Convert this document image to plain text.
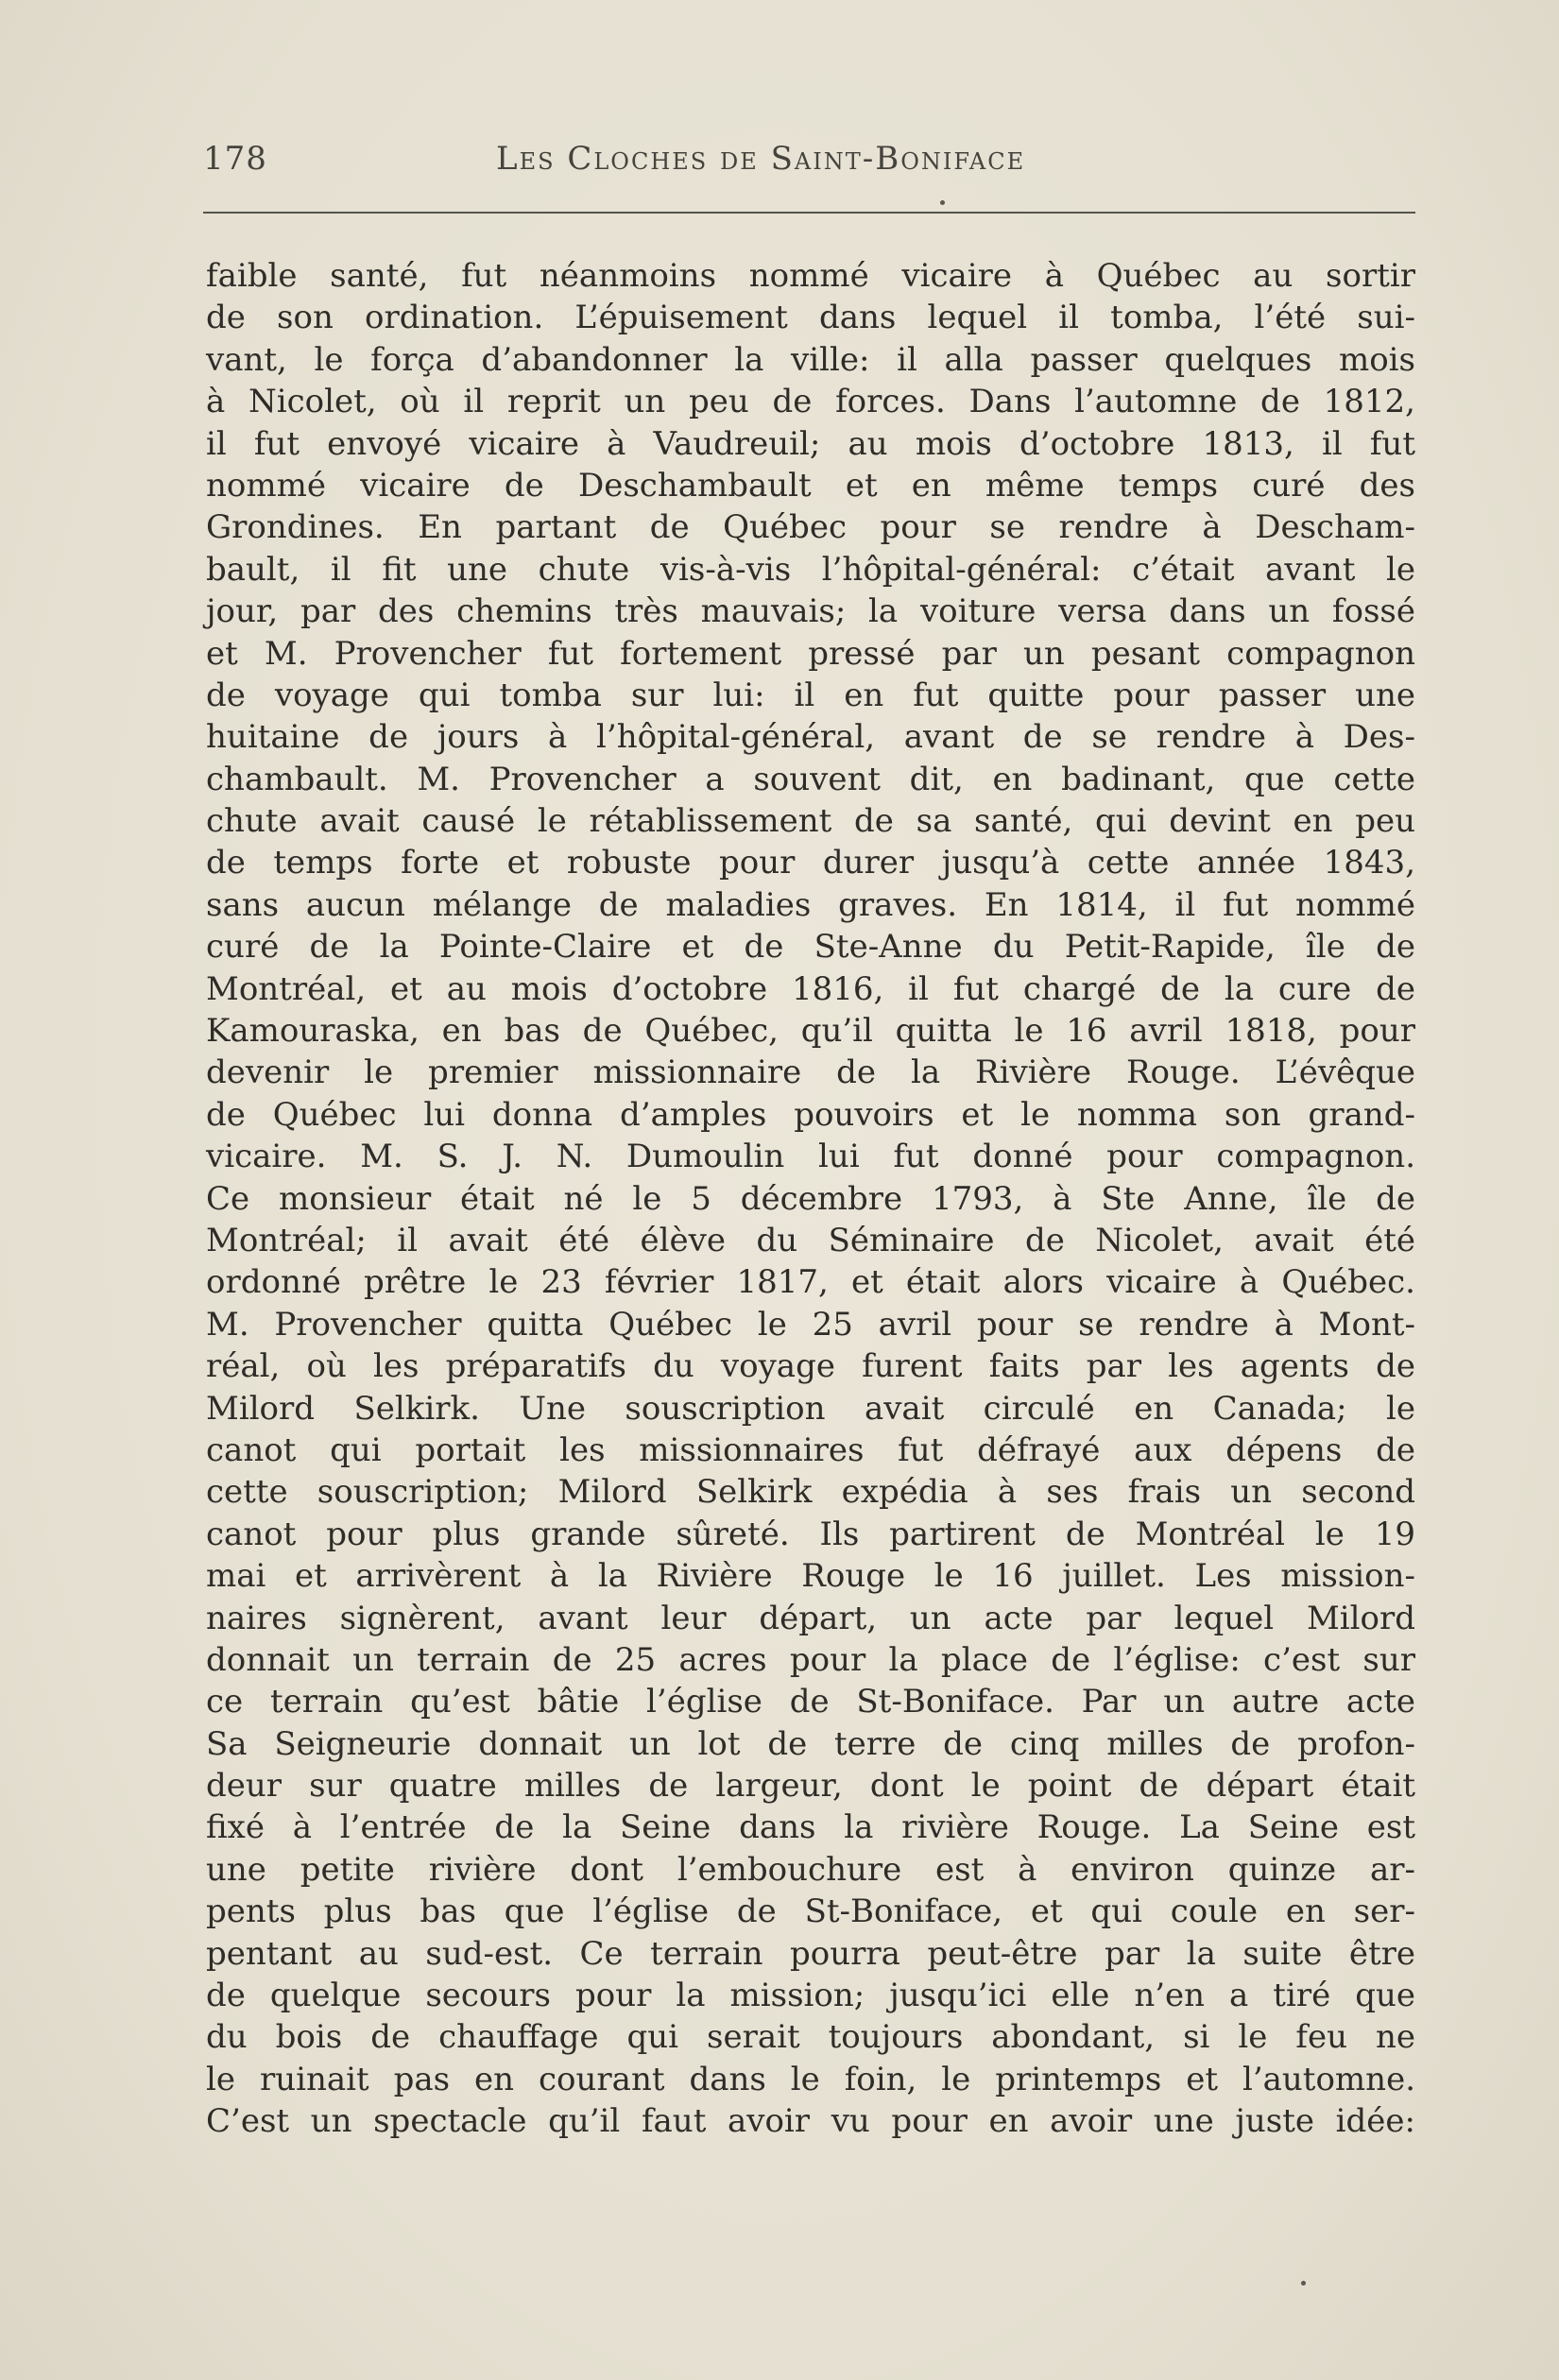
178	Les Cloches de Saint-Boniface
faible santé, fut néanmoins nommé vicaire à Québec au sortir
de son ordination. L’épuisement dans lequel il tomba, l’été sui-
vant, le força d’abandonner la ville: il alla passer quelques mois
à Nicolet, où il reprit un peu de forces. Dans l’automne de 1812,
il fut envoyé vicaire à Vaudreuil; au mois d’octobre 1813, il fut
nommé vicaire de Deschambault et en même temps curé des
Grondines. En partant de Québec pour se rendre à Descham-
bault, il fit une chute vis-à-vis l’hôpital-général: c’était avant le
jour, par des chemins très mauvais; la voiture versa dans un fossé
et M. Provencher fut fortement pressé par un pesant compagnon
de voyage qui tomba sur lui: il en fut quitte pour passer une
huitaine de jours à l’hôpital-général, avant de se rendre à Des-
chambault. M. Provencher a souvent dit, en badinant, que cette
chute avait causé le rétablissement de sa santé, qui devint en peu
de temps forte et robuste pour durer jusqu’à cette année 1843,
sans aucun mélange de maladies graves. En 1814, il fut nommé
curé de la Pointe-Claire et de Ste-Anne du Petit-Rapide, île de
Montréal, et au mois d’octobre 1816, il fut chargé de la cure de
Kamouraska, en bas de Québec, qu’il quitta le 16 avril 1818, pour
devenir le premier missionnaire de la Rivière Rouge. L’évêque
de Québec lui donna d’amples pouvoirs et le nomma son grand-
vicaire. M. S. J. N. Dumoulin lui fut donné pour compagnon.
Ce monsieur était né le 5 décembre 1793, à Ste Anne, île de
Montréal; il avait été élève du Séminaire de Nicolet, avait été
ordonné prêtre le 23 février 1817, et était alors vicaire à Québec.
M. Provencher quitta Québec le 25 avril pour se rendre à Mont-
réal, où les préparatifs du voyage furent faits par les agents de
Milord Selkirk. Une souscription avait circulé en Canada; le
canot qui portait les missionnaires fut défrayé aux dépens de
cette souscription; Milord Selkirk expédia à ses frais un second
canot pour plus grande sûreté. Ils partirent de Montréal le 19
mai et arrivèrent à la Rivière Rouge le 16 juillet. Les mission-
naires signèrent, avant leur départ, un acte par lequel Milord
donnait un terrain de 25 acres pour la place de l’église: c’est sur
ce terrain qu’est bâtie l’église de St-Boniface. Par un autre acte
Sa Seigneurie donnait un lot de terre de cinq milles de profon-
deur sur quatre milles de largeur, dont le point de départ était
fixé à l’entrée de la Seine dans la rivière Rouge. La Seine est
une petite rivière dont l’embouchure est à environ quinze ar-
pents plus bas que l’église de St-Boniface, et qui coule en ser-
pentant au sud-est. Ce terrain pourra peut-être par la suite être
de quelque secours pour la mission; jusqu’ici elle n’en a tiré que
du bois de chauffage qui serait toujours abondant, si le feu ne
le ruinait pas en courant dans le foin, le printemps et l’automne.
C’est un spectacle qu’il faut avoir vu pour en avoir une juste idée:
